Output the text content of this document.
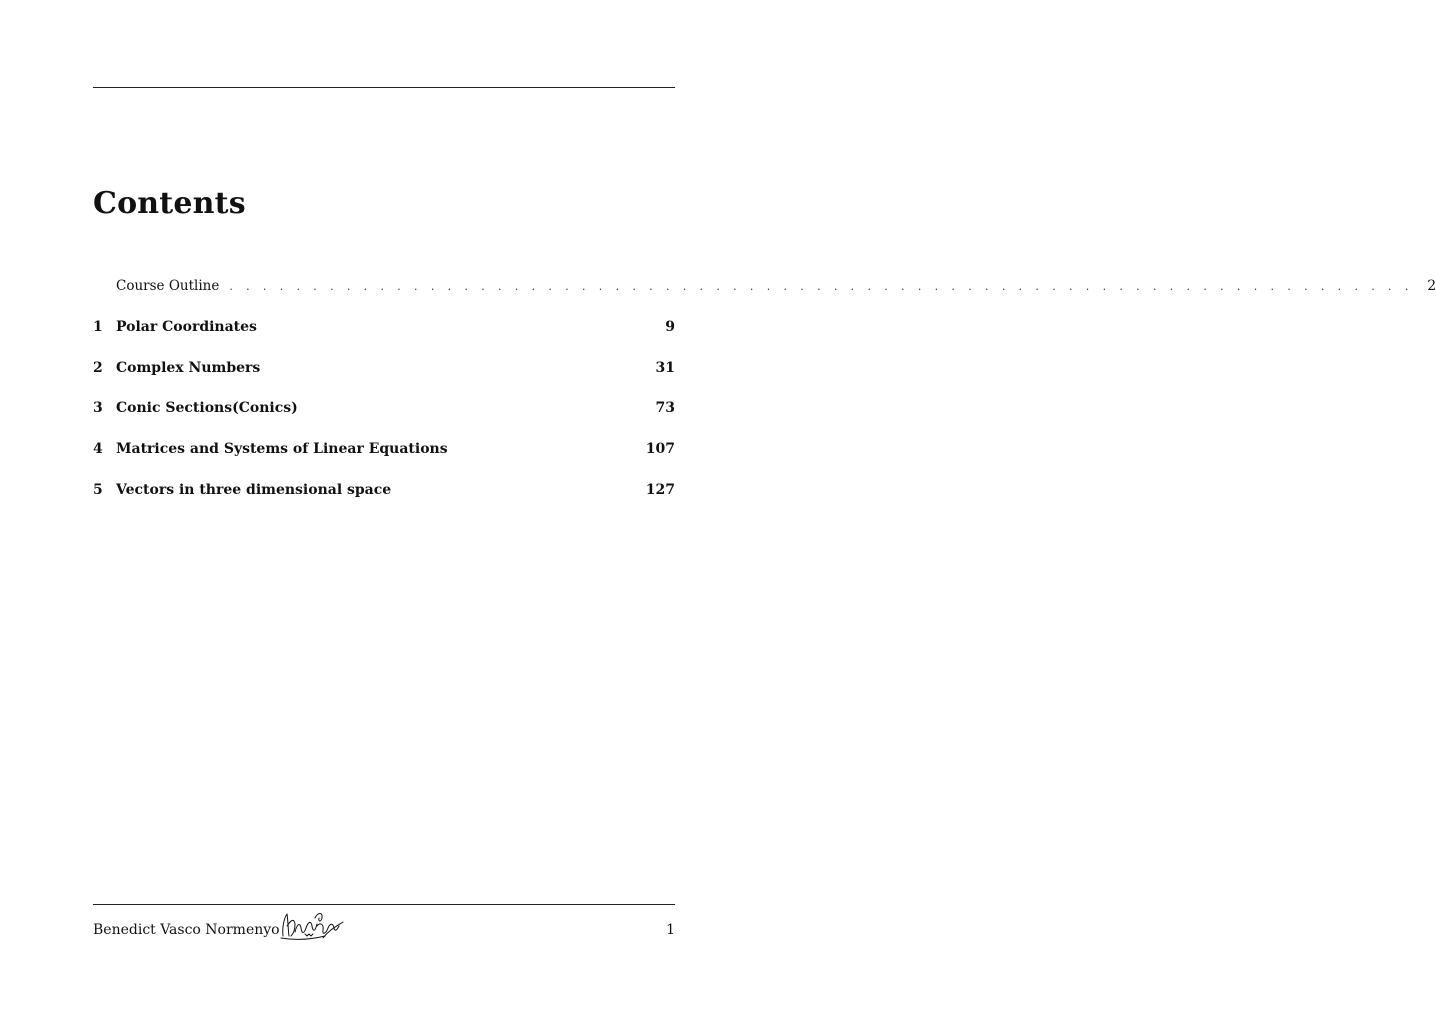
Contents
Course Outline . . . . . . . . . . . . . . . . . . . . . . . . . . . . . . . . . . . . . . . . . . . . . . . . . . . . . . . . . . . . . . . . . . . . . . . 2
1 Polar Coordinates	9
2 Complex Numbers	31
3 Conic Sections(Conics)	73
4 Matrices and Systems of Linear Equations	107
5 Vectors in three dimensional space	127
Benedict Vasco Normenyo	1
